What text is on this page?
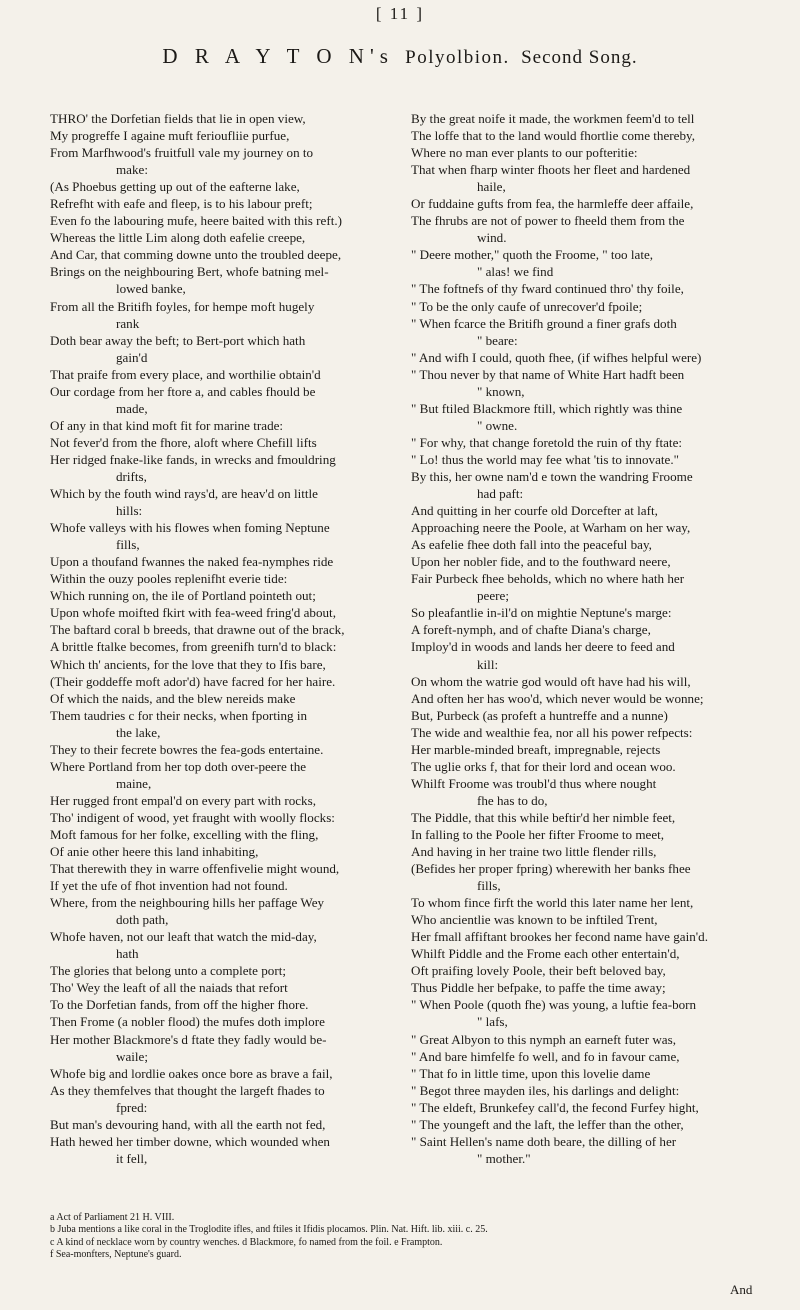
[ 11 ]
D R A Y T O N's Polyolbion. Second Song.
THRO' the Dorfetian fields that lie in open view,
My progreffe I againe muft ferioufliie purfue,
From Marfhwood's fruitfull vale my journey on to
make:
(As Phoebus getting up out of the eafterne lake,
Refrefht with eafe and fleep, is to his labour preft;
Even fo the labouring mufe, heere baited with this reft.)
Whereas the little Lim along doth eafelie creepe,
And Car, that comming downe unto the troubled deepe,
Brings on the neighbouring Bert, whofe batning mel-
lowed banke,
From all the Britifh foyles, for hempe moft hugely
rank
Doth bear away the beft; to Bert-port which hath
gain'd
That praife from every place, and worthilie obtain'd
Our cordage from her ftore a, and cables fhould be
made,
Of any in that kind moft fit for marine trade:
Not fever'd from the fhore, aloft where Chefill lifts
Her ridged fnake-like fands, in wrecks and fmouldring
drifts,
Which by the fouth wind rays'd, are heav'd on little
hills:
Whofe valleys with his flowes when foming Neptune
fills,
Upon a thoufand fwannes the naked fea-nymphes ride
Within the ouzy pooles replenifht everie tide:
Which running on, the ile of Portland pointeth out;
Upon whofe moifted fkirt with fea-weed fring'd about,
The baftard coral b breeds, that drawne out of the brack,
A brittle ftalke becomes, from greenifh turn'd to black:
Which th' ancients, for the love that they to Ifis bare,
(Their goddeffe moft ador'd) have facred for her haire.
Of which the naids, and the blew nereids make
Them taudries c for their necks, when fporting in
the lake,
They to their fecrete bowres the fea-gods entertaine.
Where Portland from her top doth over-peere the
maine,
Her rugged front empal'd on every part with rocks,
Tho' indigent of wood, yet fraught with woolly flocks:
Moft famous for her folke, excelling with the fling,
Of anie other heere this land inhabiting,
That therewith they in warre offenfivelie might wound,
If yet the ufe of fhot invention had not found.
Where, from the neighbouring hills her paffage Wey
doth path,
Whofe haven, not our leaft that watch the mid-day,
hath
The glories that belong unto a complete port;
Tho' Wey the leaft of all the naiads that refort
To the Dorfetian fands, from off the higher fhore.
Then Frome (a nobler flood) the mufes doth implore
Her mother Blackmore's d ftate they fadly would be-
waile;
Whofe big and lordlie oakes once bore as brave a fail,
As they themfelves that thought the largeft fhades to
fpred:
But man's devouring hand, with all the earth not fed,
Hath hewed her timber downe, which wounded when
it fell,
By the great noife it made, the workmen feem'd to tell
The loffe that to the land would fhortlie come thereby,
Where no man ever plants to our pofteritie:
That when fharp winter fhoots her fleet and hardened
haile,
Or fuddaine gufts from fea, the harmleffe deer affaile,
The fhrubs are not of power to fheeld them from the
wind.
" Deere mother," quoth the Froome, " too late,
" alas! we find
" The foftnefs of thy fward continued thro' thy foile,
" To be the only caufe of unrecover'd fpoile;
" When fcarce the Britifh ground a finer grafs doth
" beare:
" And wifh I could, quoth fhee, (if wifhes helpful were)
" Thou never by that name of White Hart hadft been
" known,
" But ftiled Blackmore ftill, which rightly was thine
" owne.
" For why, that change foretold the ruin of thy ftate:
" Lo! thus the world may fee what 'tis to innovate."
By this, her owne nam'd e town the wandring Froome
had paft:
And quitting in her courfe old Dorcefter at laft,
Approaching neere the Poole, at Warham on her way,
As eafelie fhee doth fall into the peaceful bay,
Upon her nobler fide, and to the fouthward neere,
Fair Purbeck fhee beholds, which no where hath her
peere;
So pleafantlie in-il'd on mightie Neptune's marge:
A foreft-nymph, and of chafte Diana's charge,
Imploy'd in woods and lands her deere to feed and
kill:
On whom the watrie god would oft have had his will,
And often her has woo'd, which never would be wonne;
But, Purbeck (as profeft a huntreffe and a nunne)
The wide and wealthie fea, nor all his power refpects:
Her marble-minded breaft, impregnable, rejects
The uglie orks f, that for their lord and ocean woo.
Whilft Froome was troubl'd thus where nought
fhe has to do,
The Piddle, that this while beftir'd her nimble feet,
In falling to the Poole her fifter Froome to meet,
And having in her traine two little flender rills,
(Befides her proper fpring) wherewith her banks fhee
fills,
To whom fince firft the world this later name her lent,
Who ancientlie was known to be inftiled Trent,
Her fmall affiftant brookes her fecond name have gain'd.
Whilft Piddle and the Frome each other entertain'd,
Oft praifing lovely Poole, their beft beloved bay,
Thus Piddle her befpake, to paffe the time away;
" When Poole (quoth fhe) was young, a luftie fea-born
" lafs,
" Great Albyon to this nymph an earneft futer was,
" And bare himfelfe fo well, and fo in favour came,
" That fo in little time, upon this lovelie dame
" Begot three mayden iles, his darlings and delight:
" The eldeft, Brunkefey call'd, the fecond Furfey hight,
" The youngeft and the laft, the leffer than the other,
" Saint Hellen's name doth beare, the dilling of her
" mother."
a Act of Parliament 21 H. VIII.
b Juba mentions a like coral in the Troglodite ifles, and ftiles it Ifidis plocamos. Plin. Nat. Hift. lib. xiii. c. 25.
c A kind of necklace worn by country wenches. d Blackmore, fo named from the foil. e Frampton.
f Sea-monfters, Neptune's guard.
And
